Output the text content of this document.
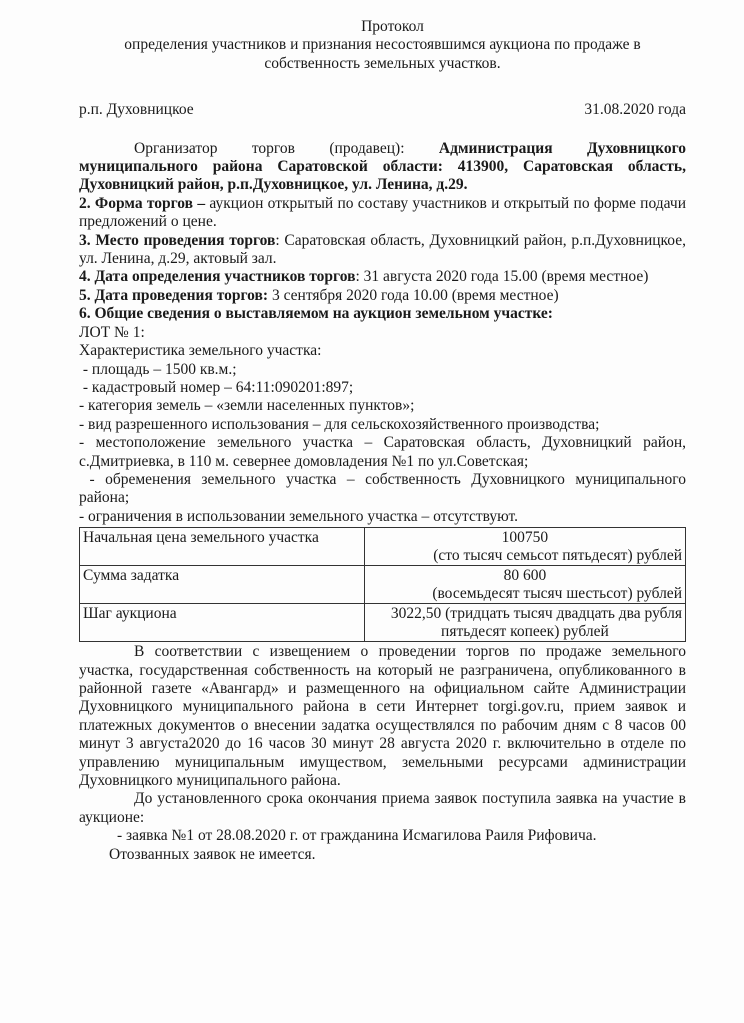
Протокол
определения участников и признания несостоявшимся аукциона по продаже в
собственность земельных участков.
р.п. Духовницкое	31.08.2020 года

Организатор торгов (продавец): Администрация Духовницкого муниципального района Саратовской области: 413900, Саратовская область, Духовницкий район, р.п.Духовницкое, ул. Ленина, д.29.

2. Форма торгов – аукцион открытый по составу участников и открытый по форме подачи предложений о цене.

3. Место проведения торгов: Саратовская область, Духовницкий район, р.п.Духовницкое, ул. Ленина, д.29, актовый зал.

4. Дата определения участников торгов: 31 августа 2020 года 15.00 (время местное)

5. Дата проведения торгов: 3 сентября 2020 года 10.00 (время местное)

6. Общие сведения о выставляемом на аукцион земельном участке:

ЛОТ № 1:

Характеристика земельного участка:

- площадь – 1500 кв.м.;

- кадастровый номер – 64:11:090201:897;

- категория земель – «земли населенных пунктов»;

- вид разрешенного использования – для сельскохозяйственного производства;

- местоположение земельного участка – Саратовская область, Духовницкий район, с.Дмитриевка, в 110 м. севернее домовладения №1 по ул.Советская;

- обременения земельного участка – собственность Духовницкого муниципального района;

- ограничения в использовании земельного участка – отсутствуют.

Начальная цена земельного участка	100750
(сто тысяч семьсот пятьдесят) рублей

Сумма задатка	80 600
(восемьдесят тысяч шестьсот) рублей

Шаг аукциона	3022,50 (тридцать тысяч двадцать два рубля
пятьдесят копеек) рублей

В соответствии с извещением о проведении торгов по продаже земельного участка, государственная собственность на который не разграничена, опубликованного в районной газете «Авангард» и размещенного на официальном сайте Администрации Духовницкого муниципального района в сети Интернет torgi.gov.ru, прием заявок и платежных документов о внесении задатка осуществлялся по рабочим дням с 8 часов 00 минут 3 августа2020 до 16 часов 30 минут 28 августа 2020 г. включительно в отделе по управлению муниципальным имуществом, земельными ресурсами администрации Духовницкого муниципального района.

До установленного срока окончания приема заявок поступила заявка на участие в аукционе:

- заявка №1 от 28.08.2020 г. от гражданина Исмагилова Раиля Рифовича.

Отозванных заявок не имеется.
